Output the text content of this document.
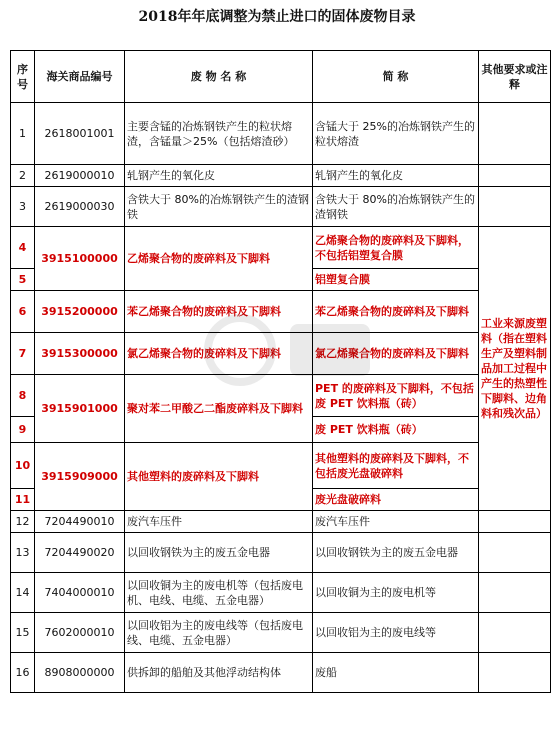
2018年年底调整为禁止进口的固体废物目录
序号	海关商品编号	废 物 名 称	简 称	其他要求或注释
1	2618001001	主要含锰的冶炼钢铁产生的粒状熔渣，含锰量＞25%（包括熔渣砂）	含锰大于 25%的冶炼钢铁产生的粒状熔渣	
2	2619000010	轧钢产生的氧化皮	轧钢产生的氧化皮	
3	2619000030	含铁大于 80%的冶炼钢铁产生的渣钢铁	含铁大于 80%的冶炼钢铁产生的渣钢铁	
4	3915100000	乙烯聚合物的废碎料及下脚料	乙烯聚合物的废碎料及下脚料，不包括铝塑复合膜	工业来源废塑料（指在塑料生产及塑料制品加工过程中产生的热塑性下脚料、边角料和残次品）
5			铝塑复合膜	
6	3915200000	苯乙烯聚合物的废碎料及下脚料	苯乙烯聚合物的废碎料及下脚料	
7	3915300000	氯乙烯聚合物的废碎料及下脚料	氯乙烯聚合物的废碎料及下脚料	
8	3915901000	聚对苯二甲酸乙二酯废碎料及下脚料	PET 的废碎料及下脚料，不包括废 PET 饮料瓶（砖）	
9			废 PET 饮料瓶（砖）	
10	3915909000	其他塑料的废碎料及下脚料	其他塑料的废碎料及下脚料，不包括废光盘破碎料	
11			废光盘破碎料	
12	7204490010	废汽车压件	废汽车压件	
13	7204490020	以回收钢铁为主的废五金电器	以回收钢铁为主的废五金电器	
14	7404000010	以回收铜为主的废电机等（包括废电机、电线、电缆、五金电器）	以回收铜为主的废电机等	
15	7602000010	以回收铝为主的废电线等（包括废电线、电缆、五金电器）	以回收铝为主的废电线等	
16	8908000000	供拆卸的船舶及其他浮动结构体	废船	
